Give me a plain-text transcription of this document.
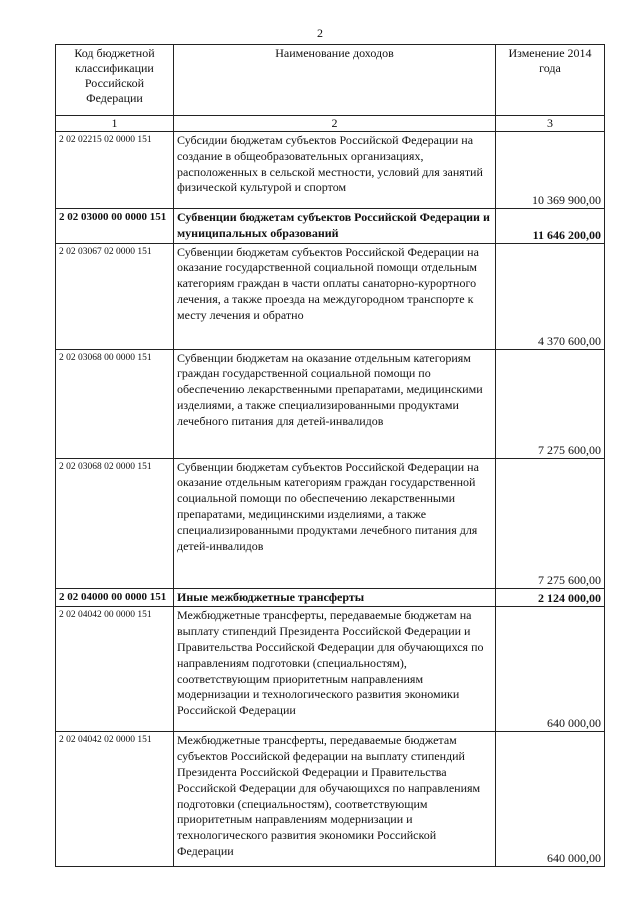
2
Код бюджетной классификации Российской Федерации	Наименование доходов	Изменение 2014 года
1	2	3
2 02 02215 02 0000 151	Субсидии бюджетам субъектов Российской Федерации на создание в общеобразовательных организациях, расположенных в сельской местности, условий для занятий физической культурой и спортом	10 369 900,00
2 02 03000 00 0000 151	Субвенции бюджетам субъектов Российской Федерации и муниципальных образований	11 646 200,00
2 02 03067 02 0000 151	Субвенции бюджетам субъектов Российской Федерации на оказание государственной социальной помощи отдельным категориям граждан в части оплаты санаторно-курортного лечения, а также проезда на междугородном транспорте к месту лечения и обратно	4 370 600,00
2 02 03068 00 0000 151	Субвенции бюджетам на оказание отдельным категориям граждан государственной социальной помощи по обеспечению лекарственными препаратами, медицинскими изделиями, а также специализированными продуктами лечебного питания для детей-инвалидов	7 275 600,00
2 02 03068 02 0000 151	Субвенции бюджетам субъектов Российской Федерации на оказание отдельным категориям граждан государственной социальной помощи по обеспечению лекарственными препаратами, медицинскими изделиями, а также специализированными продуктами лечебного питания для детей-инвалидов	7 275 600,00
2 02 04000 00 0000 151	Иные межбюджетные трансферты	2 124 000,00
2 02 04042 00 0000 151	Межбюджетные трансферты, передаваемые бюджетам на выплату стипендий Президента Российской Федерации и Правительства Российской Федерации для обучающихся по направлениям подготовки (специальностям), соответствующим приоритетным направлениям модернизации и технологического развития экономики Российской Федерации	640 000,00
2 02 04042 02 0000 151	Межбюджетные трансферты, передаваемые бюджетам субъектов Российской федерации на выплату стипендий Президента Российской Федерации и Правительства Российской Федерации для обучающихся по направлениям подготовки (специальностям), соответствующим приоритетным направлениям модернизации и технологического развития экономики Российской Федерации	640 000,00
